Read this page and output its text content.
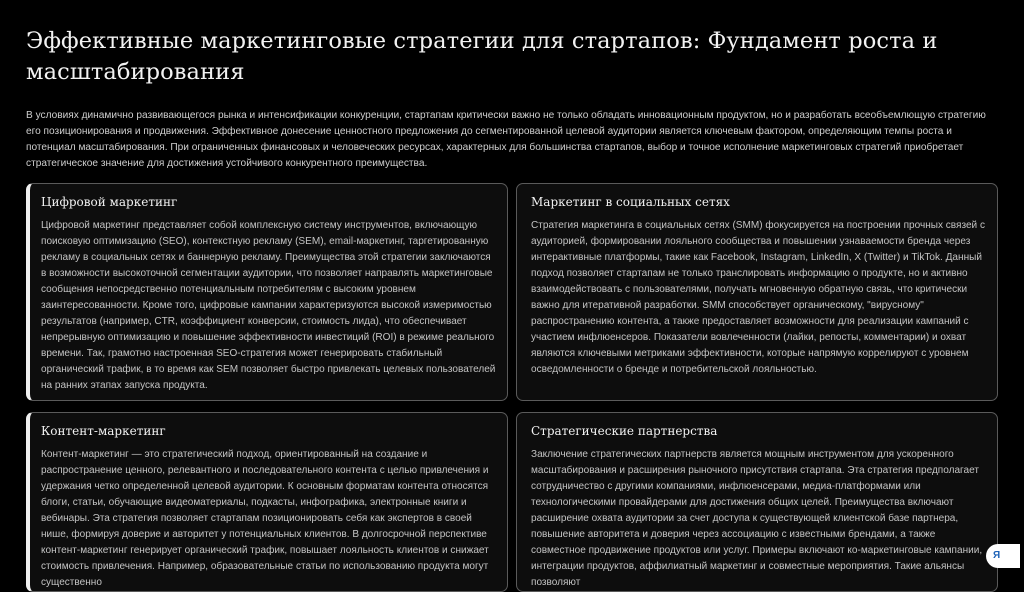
Эффективные маркетинговые стратегии для стартапов: Фундамент роста и масштабирования

В условиях динамично развивающегося рынка и интенсификации конкуренции, стартапам критически важно не только обладать инновационным продуктом, но и разработать всеобъемлющую стратегию его позиционирования и продвижения. Эффективное донесение ценностного предложения до сегментированной целевой аудитории является ключевым фактором, определяющим темпы роста и потенциал масштабирования. При ограниченных финансовых и человеческих ресурсах, характерных для большинства стартапов, выбор и точное исполнение маркетинговых стратегий приобретает стратегическое значение для достижения устойчивого конкурентного преимущества.

Цифровой маркетинг

Цифровой маркетинг представляет собой комплексную систему инструментов, включающую поисковую оптимизацию (SEO), контекстную рекламу (SEM), email-маркетинг, таргетированную рекламу в социальных сетях и баннерную рекламу. Преимущества этой стратегии заключаются в возможности высокоточной сегментации аудитории, что позволяет направлять маркетинговые сообщения непосредственно потенциальным потребителям с высоким уровнем заинтересованности. Кроме того, цифровые кампании характеризуются высокой измеримостью результатов (например, CTR, коэффициент конверсии, стоимость лида), что обеспечивает непрерывную оптимизацию и повышение эффективности инвестиций (ROI) в режиме реального времени. Так, грамотно настроенная SEO-стратегия может генерировать стабильный органический трафик, в то время как SEM позволяет быстро привлекать целевых пользователей на ранних этапах запуска продукта.

Маркетинг в социальных сетях

Стратегия маркетинга в социальных сетях (SMM) фокусируется на построении прочных связей с аудиторией, формировании лояльного сообщества и повышении узнаваемости бренда через интерактивные платформы, такие как Facebook, Instagram, LinkedIn, X (Twitter) и TikTok. Данный подход позволяет стартапам не только транслировать информацию о продукте, но и активно взаимодействовать с пользователями, получать мгновенную обратную связь, что критически важно для итеративной разработки. SMM способствует органическому, "вирусному" распространению контента, а также предоставляет возможности для реализации кампаний с участием инфлюенсеров. Показатели вовлеченности (лайки, репосты, комментарии) и охват являются ключевыми метриками эффективности, которые напрямую коррелируют с уровнем осведомленности о бренде и потребительской лояльностью.

Контент-маркетинг

Контент-маркетинг — это стратегический подход, ориентированный на создание и распространение ценного, релевантного и последовательного контента с целью привлечения и удержания четко определенной целевой аудитории. К основным форматам контента относятся блоги, статьи, обучающие видеоматериалы, подкасты, инфографика, электронные книги и вебинары. Эта стратегия позволяет стартапам позиционировать себя как экспертов в своей нише, формируя доверие и авторитет у потенциальных клиентов. В долгосрочной перспективе контент-маркетинг генерирует органический трафик, повышает лояльность клиентов и снижает стоимость привлечения. Например, образовательные статьи по использованию продукта могут существенно

Стратегические партнерства

Заключение стратегических партнерств является мощным инструментом для ускоренного масштабирования и расширения рыночного присутствия стартапа. Эта стратегия предполагает сотрудничество с другими компаниями, инфлюенсерами, медиа-платформами или технологическими провайдерами для достижения общих целей. Преимущества включают расширение охвата аудитории за счет доступа к существующей клиентской базе партнера, повышение авторитета и доверия через ассоциацию с известными брендами, а также совместное продвижение продуктов или услуг. Примеры включают ко-маркетинговые кампании, интеграции продуктов, аффилиатный маркетинг и совместные мероприятия. Такие альянсы позволяют

Я
